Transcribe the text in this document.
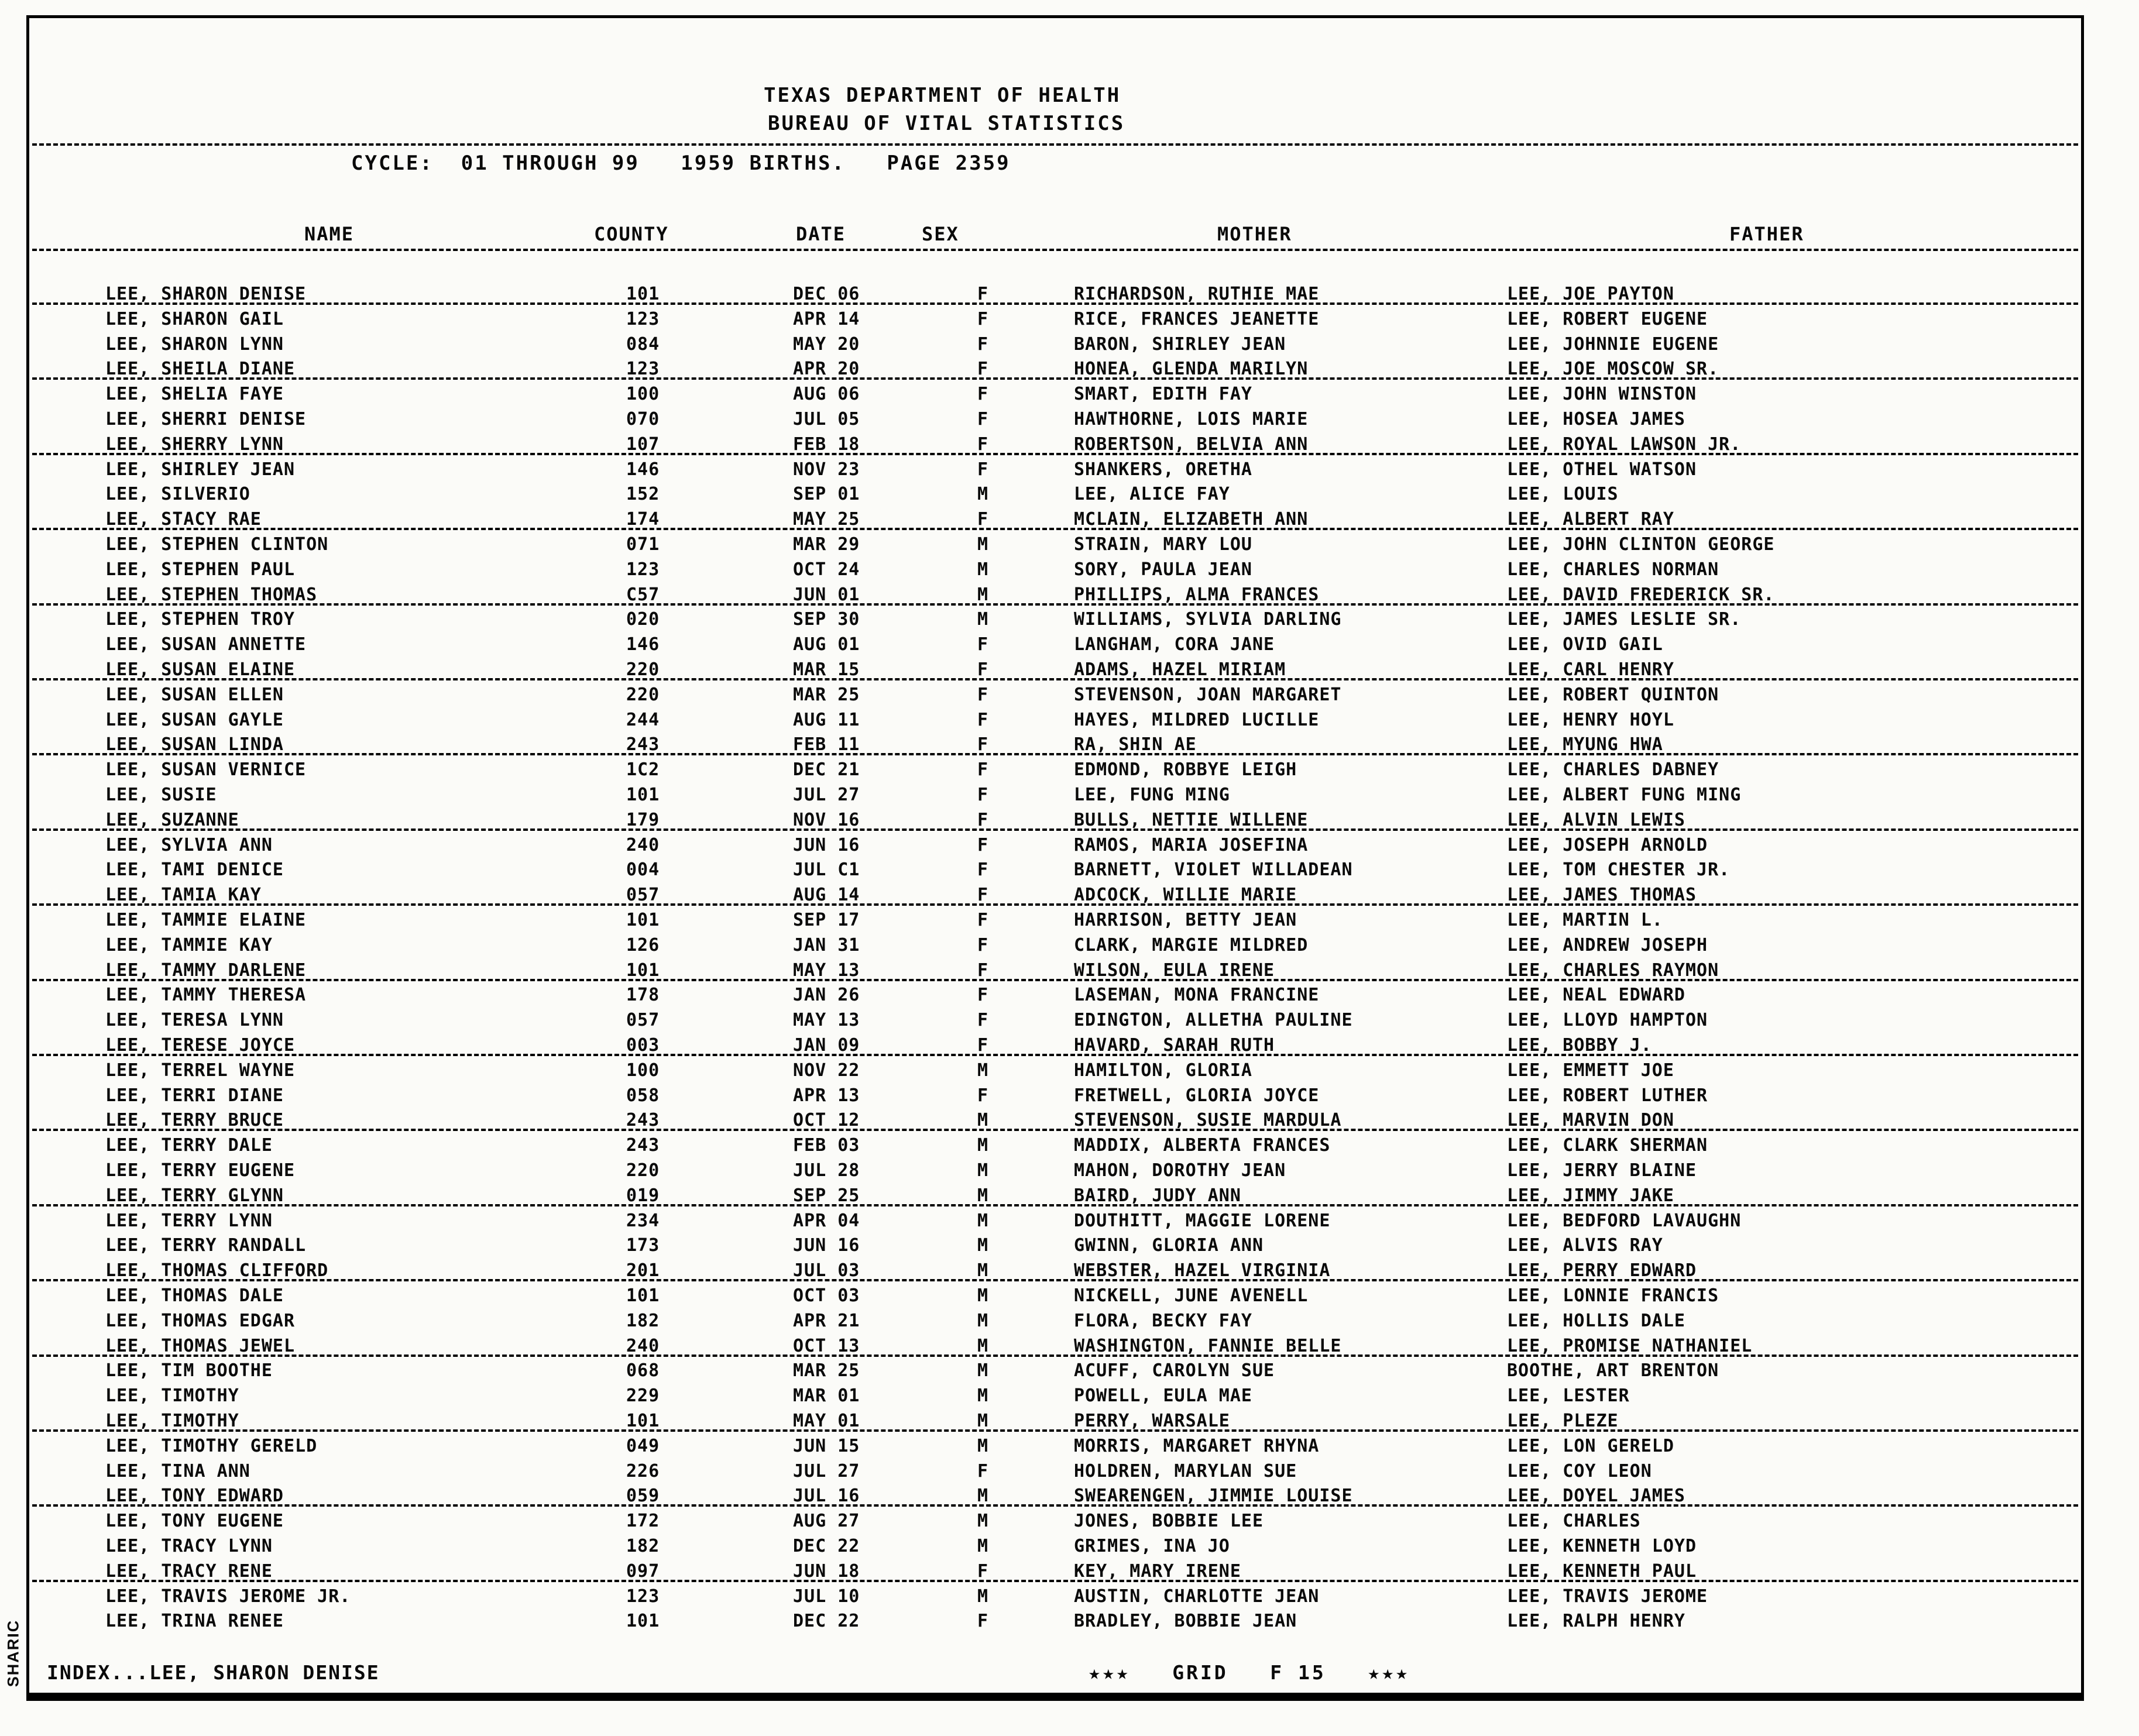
TEXAS DEPARTMENT OF HEALTH
BUREAU OF VITAL STATISTICS
CYCLE:  01 THROUGH 99   1959 BIRTHS.   PAGE 2359
NAME	COUNTY	DATE	SEX	MOTHER	FATHER
LEE, SHARON DENISE	101	DEC 06	F	RICHARDSON, RUTHIE MAE	LEE, JOE PAYTON
LEE, SHARON GAIL	123	APR 14	F	RICE, FRANCES JEANETTE	LEE, ROBERT EUGENE
LEE, SHARON LYNN	084	MAY 20	F	BARON, SHIRLEY JEAN	LEE, JOHNNIE EUGENE
LEE, SHEILA DIANE	123	APR 20	F	HONEA, GLENDA MARILYN	LEE, JOE MOSCOW SR.
LEE, SHELIA FAYE	100	AUG 06	F	SMART, EDITH FAY	LEE, JOHN WINSTON
LEE, SHERRI DENISE	070	JUL 05	F	HAWTHORNE, LOIS MARIE	LEE, HOSEA JAMES
LEE, SHERRY LYNN	107	FEB 18	F	ROBERTSON, BELVIA ANN	LEE, ROYAL LAWSON JR.
LEE, SHIRLEY JEAN	146	NOV 23	F	SHANKERS, ORETHA	LEE, OTHEL WATSON
LEE, SILVERIO	152	SEP 01	M	LEE, ALICE FAY	LEE, LOUIS
LEE, STACY RAE	174	MAY 25	F	MCLAIN, ELIZABETH ANN	LEE, ALBERT RAY
LEE, STEPHEN CLINTON	071	MAR 29	M	STRAIN, MARY LOU	LEE, JOHN CLINTON GEORGE
LEE, STEPHEN PAUL	123	OCT 24	M	SORY, PAULA JEAN	LEE, CHARLES NORMAN
LEE, STEPHEN THOMAS	C57	JUN 01	M	PHILLIPS, ALMA FRANCES	LEE, DAVID FREDERICK SR.
LEE, STEPHEN TROY	020	SEP 30	M	WILLIAMS, SYLVIA DARLING	LEE, JAMES LESLIE SR.
LEE, SUSAN ANNETTE	146	AUG 01	F	LANGHAM, CORA JANE	LEE, OVID GAIL
LEE, SUSAN ELAINE	220	MAR 15	F	ADAMS, HAZEL MIRIAM	LEE, CARL HENRY
LEE, SUSAN ELLEN	220	MAR 25	F	STEVENSON, JOAN MARGARET	LEE, ROBERT QUINTON
LEE, SUSAN GAYLE	244	AUG 11	F	HAYES, MILDRED LUCILLE	LEE, HENRY HOYL
LEE, SUSAN LINDA	243	FEB 11	F	RA, SHIN AE	LEE, MYUNG HWA
LEE, SUSAN VERNICE	1C2	DEC 21	F	EDMOND, ROBBYE LEIGH	LEE, CHARLES DABNEY
LEE, SUSIE	101	JUL 27	F	LEE, FUNG MING	LEE, ALBERT FUNG MING
LEE, SUZANNE	179	NOV 16	F	BULLS, NETTIE WILLENE	LEE, ALVIN LEWIS
LEE, SYLVIA ANN	240	JUN 16	F	RAMOS, MARIA JOSEFINA	LEE, JOSEPH ARNOLD
LEE, TAMI DENICE	004	JUL C1	F	BARNETT, VIOLET WILLADEAN	LEE, TOM CHESTER JR.
LEE, TAMIA KAY	057	AUG 14	F	ADCOCK, WILLIE MARIE	LEE, JAMES THOMAS
LEE, TAMMIE ELAINE	101	SEP 17	F	HARRISON, BETTY JEAN	LEE, MARTIN L.
LEE, TAMMIE KAY	126	JAN 31	F	CLARK, MARGIE MILDRED	LEE, ANDREW JOSEPH
LEE, TAMMY DARLENE	101	MAY 13	F	WILSON, EULA IRENE	LEE, CHARLES RAYMON
LEE, TAMMY THERESA	178	JAN 26	F	LASEMAN, MONA FRANCINE	LEE, NEAL EDWARD
LEE, TERESA LYNN	057	MAY 13	F	EDINGTON, ALLETHA PAULINE	LEE, LLOYD HAMPTON
LEE, TERESE JOYCE	003	JAN 09	F	HAVARD, SARAH RUTH	LEE, BOBBY J.
LEE, TERREL WAYNE	100	NOV 22	M	HAMILTON, GLORIA	LEE, EMMETT JOE
LEE, TERRI DIANE	058	APR 13	F	FRETWELL, GLORIA JOYCE	LEE, ROBERT LUTHER
LEE, TERRY BRUCE	243	OCT 12	M	STEVENSON, SUSIE MARDULA	LEE, MARVIN DON
LEE, TERRY DALE	243	FEB 03	M	MADDIX, ALBERTA FRANCES	LEE, CLARK SHERMAN
LEE, TERRY EUGENE	220	JUL 28	M	MAHON, DOROTHY JEAN	LEE, JERRY BLAINE
LEE, TERRY GLYNN	019	SEP 25	M	BAIRD, JUDY ANN	LEE, JIMMY JAKE
LEE, TERRY LYNN	234	APR 04	M	DOUTHITT, MAGGIE LORENE	LEE, BEDFORD LAVAUGHN
LEE, TERRY RANDALL	173	JUN 16	M	GWINN, GLORIA ANN	LEE, ALVIS RAY
LEE, THOMAS CLIFFORD	201	JUL 03	M	WEBSTER, HAZEL VIRGINIA	LEE, PERRY EDWARD
LEE, THOMAS DALE	101	OCT 03	M	NICKELL, JUNE AVENELL	LEE, LONNIE FRANCIS
LEE, THOMAS EDGAR	182	APR 21	M	FLORA, BECKY FAY	LEE, HOLLIS DALE
LEE, THOMAS JEWEL	240	OCT 13	M	WASHINGTON, FANNIE BELLE	LEE, PROMISE NATHANIEL
LEE, TIM BOOTHE	068	MAR 25	M	ACUFF, CAROLYN SUE	BOOTHE, ART BRENTON
LEE, TIMOTHY	229	MAR 01	M	POWELL, EULA MAE	LEE, LESTER
LEE, TIMOTHY	101	MAY 01	M	PERRY, WARSALE	LEE, PLEZE
LEE, TIMOTHY GERELD	049	JUN 15	M	MORRIS, MARGARET RHYNA	LEE, LON GERELD
LEE, TINA ANN	226	JUL 27	F	HOLDREN, MARYLAN SUE	LEE, COY LEON
LEE, TONY EDWARD	059	JUL 16	M	SWEARENGEN, JIMMIE LOUISE	LEE, DOYEL JAMES
LEE, TONY EUGENE	172	AUG 27	M	JONES, BOBBIE LEE	LEE, CHARLES
LEE, TRACY LYNN	182	DEC 22	M	GRIMES, INA JO	LEE, KENNETH LOYD
LEE, TRACY RENE	097	JUN 18	F	KEY, MARY IRENE	LEE, KENNETH PAUL
LEE, TRAVIS JEROME JR.	123	JUL 10	M	AUSTIN, CHARLOTTE JEAN	LEE, TRAVIS JEROME
LEE, TRINA RENEE	101	DEC 22	F	BRADLEY, BOBBIE JEAN	LEE, RALPH HENRY
INDEX...LEE, SHARON DENISE	★★★   GRID   F 15   ★★★
SHARIC
